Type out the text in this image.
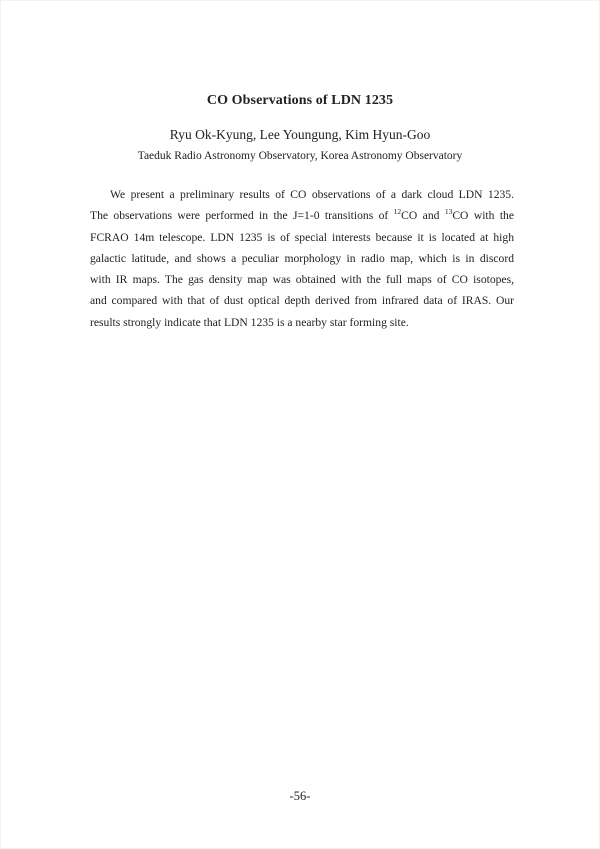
CO Observations of LDN 1235

Ryu Ok-Kyung, Lee Youngung, Kim Hyun-Goo

Taeduk Radio Astronomy Observatory, Korea Astronomy Observatory

We present a preliminary results of CO observations of a dark cloud LDN 1235.
The observations were performed in the J=1-0 transitions of $^{12}$CO and $^{13}$CO with the
FCRAO 14m telescope. LDN 1235 is of special interests because it is located at high
galactic latitude, and shows a peculiar morphology in radio map, which is in discord
with IR maps. The gas density map was obtained with the full maps of CO isotopes,
and compared with that of dust optical depth derived from infrared data of IRAS. Our
results strongly indicate that LDN 1235 is a nearby star forming site.

-56-
